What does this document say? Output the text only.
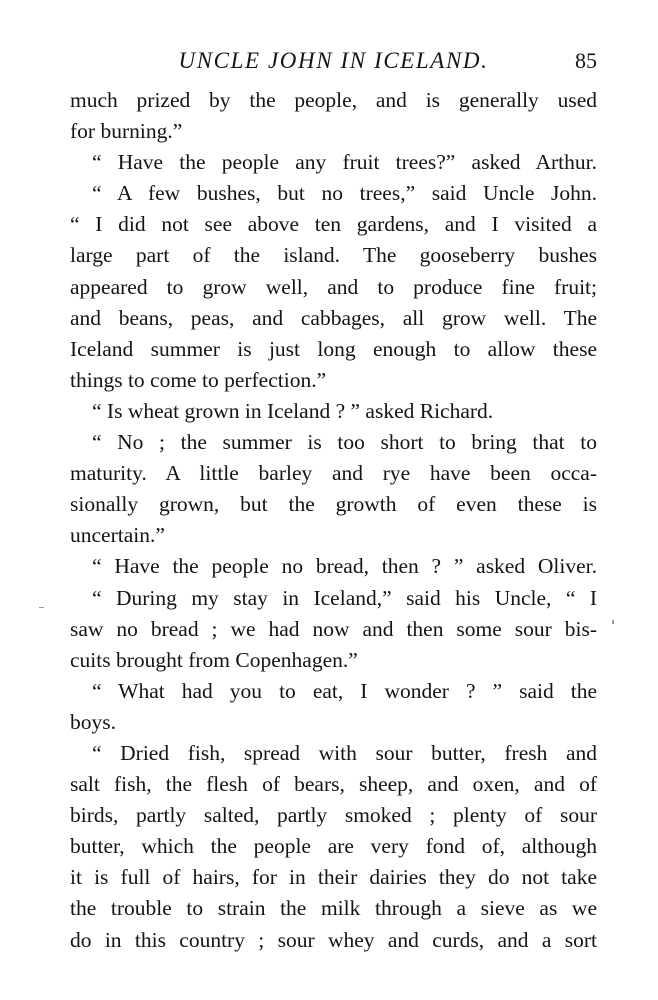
UNCLE JOHN IN ICELAND.	85
much prized by the people, and is generally used
for burning.”
“ Have the people any fruit trees?” asked Arthur.
“ A few bushes, but no trees,” said Uncle John.
“ I did not see above ten gardens, and I visited a
large part of the island. The gooseberry bushes
appeared to grow well, and to produce fine fruit;
and beans, peas, and cabbages, all grow well. The
Iceland summer is just long enough to allow these
things to come to perfection.”
“ Is wheat grown in Iceland ? ” asked Richard.
“ No ; the summer is too short to bring that to
maturity. A little barley and rye have been occa-
sionally grown, but the growth of even these is
uncertain.”
“ Have the people no bread, then ? ” asked Oliver.
“ During my stay in Iceland,” said his Uncle, “ I
saw no bread ; we had now and then some sour bis-
cuits brought from Copenhagen.”
“ What had you to eat, I wonder ? ” said the
boys.
“ Dried fish, spread with sour butter, fresh and
salt fish, the flesh of bears, sheep, and oxen, and of
birds, partly salted, partly smoked ; plenty of sour
butter, which the people are very fond of, although
it is full of hairs, for in their dairies they do not take
the trouble to strain the milk through a sieve as we
do in this country ; sour whey and curds, and a sort
